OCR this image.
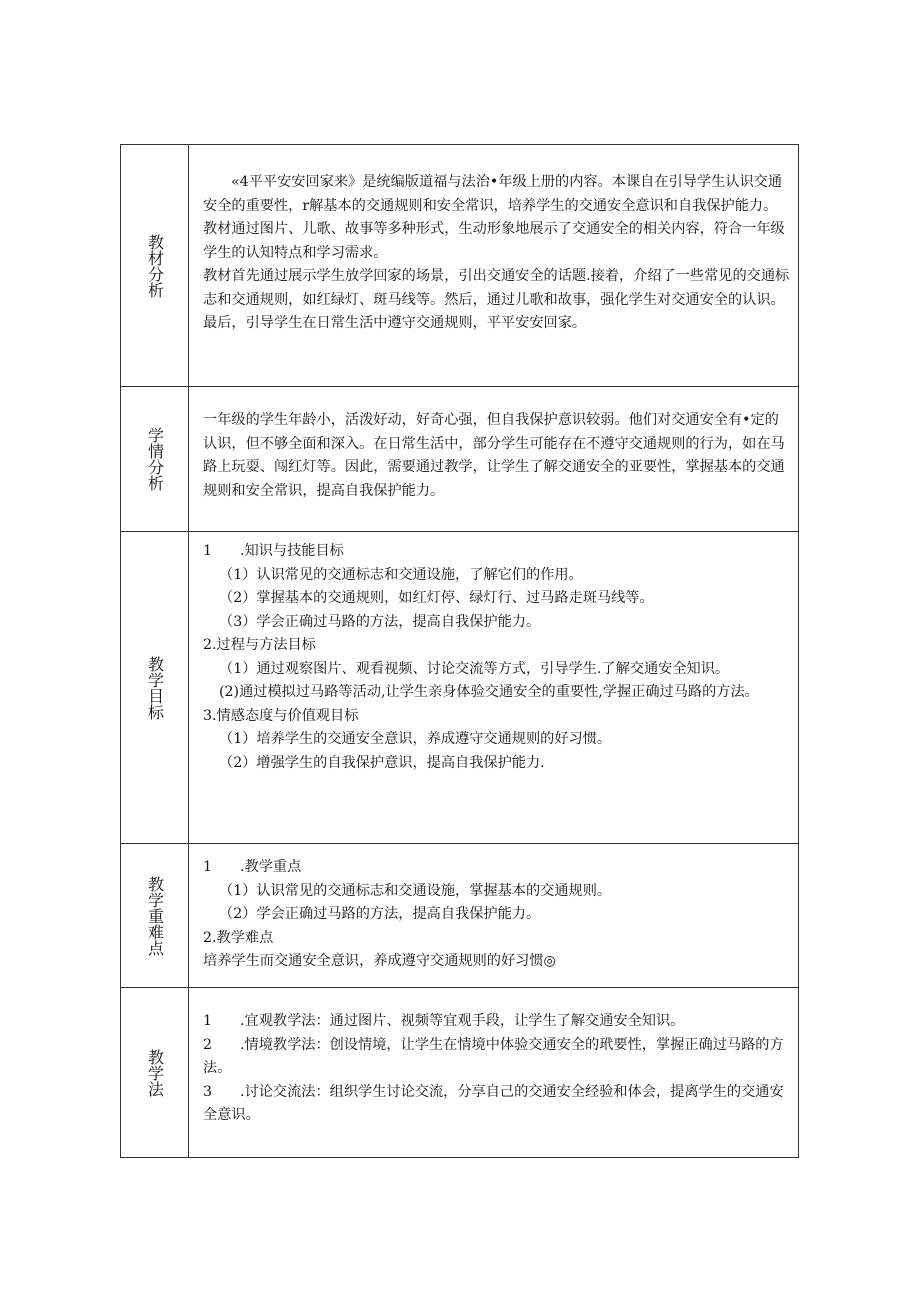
教材分析

«4平平安安回家来》是统编版道福与法治•年级上册的内容。本课自在引导学生认识交通安全的重要性，r解基本的交通规则和安全常识，培养学生的交通安全意识和自我保护能力。教材通过图片、儿歌、故事等多种形式，生动形象地展示了交通安全的相关内容，符合一年级学生的认知特点和学习需求。

教材首先通过展示学生放学回家的场景，引出交通安全的话题.接着，介绍了一些常见的交通标志和交通规则，如红绿灯、斑马线等。然后，通过儿歌和故事，强化学生对交通安全的认识。最后，引导学生在日常生活中遵守交通规则，平平安安回家。

学情分析

一年级的学生年龄小，活泼好动，好奇心强，但自我保护意识较弱。他们对交通安全有•定的认识，但不够全面和深入。在日常生活中，部分学生可能存在不遵守交通规则的行为，如在马路上玩耍、闯红灯等。因此，需要通过教学，让学生了解交通安全的亚要性，掌握基本的交通规则和安全常识，提高自我保护能力。

教学目标

1 .知识与技能目标

（1）认识常见的交通标志和交通设施，了解它们的作用。

（2）掌握基本的交通规则，如红灯停、绿灯行、过马路走斑马线等。

（3）学会正确过马路的方法，提高自我保护能力。

2.过程与方法目标

（1）通过观察图片、观看视频、讨论交流等方式，引导学生.了解交通安全知识。

(2)通过模拟过马路等活动,让学生亲身体验交通安全的重要性,学握正确过马路的方法。

3.情感态度与价值观目标

（1）培养学生的交通安全意识，养成遵守交通规则的好习惯。

（2）增强学生的自我保护意识，提高自我保护能力.

教学重难点

1 .教学重点

（1）认识常见的交通标志和交通设施，掌握基本的交通规则。

（2）学会正确过马路的方法，提高自我保护能力。

2.教学难点

培养学生而交通安全意识，养成遵守交通规则的好习惯◎

教学法

1 .宜观教学法：通过图片、视频等宜观手段，让学生了解交通安全知识。

2 .情境教学法：创设情境，让学生在情境中体验交通安全的玳要性，掌握正确过马路的方法。

3 .讨论交流法：组织学生讨论交流，分享自己的交通安全经验和体会，提离学生的交通安全意识。
